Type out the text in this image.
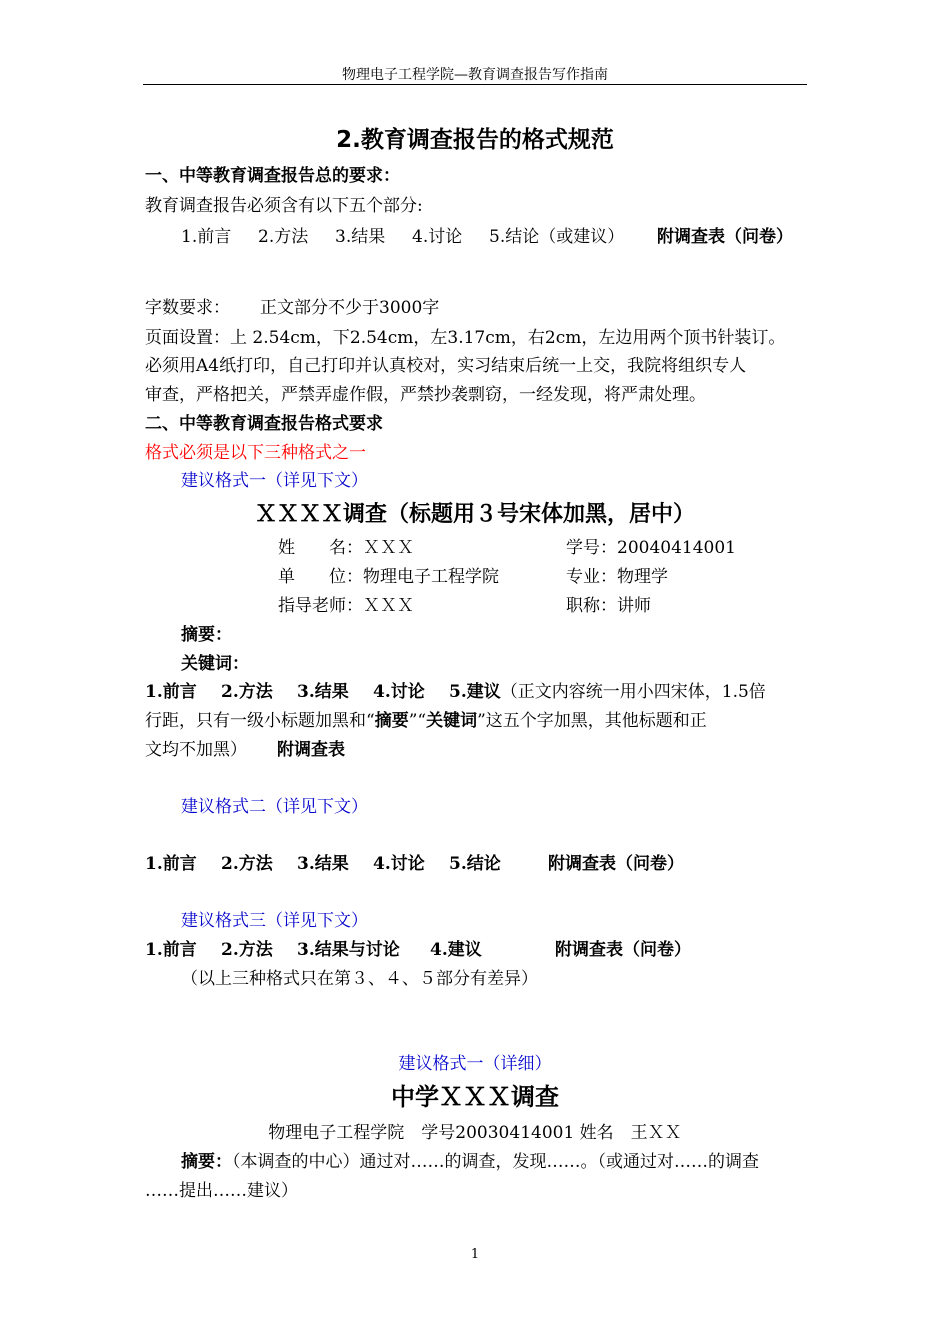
物理电子工程学院—教育调查报告写作指南
2.教育调查报告的格式规范
一、中等教育调查报告总的要求：
教育调查报告必须含有以下五个部分:
1.前言 2.方法 3.结果 4.讨论 5.结论（或建议） 附调查表（问卷）
字数要求： 正文部分不少于3000字
页面设置：上 2.54cm，下2.54cm，左3.17cm，右2cm，左边用两个顶书针装订。
必须用A4纸打印，自己打印并认真校对，实习结束后统一上交，我院将组织专人
审查，严格把关，严禁弄虚作假，严禁抄袭剽窃，一经发现，将严肃处理。
二、中等教育调查报告格式要求
格式必须是以下三种格式之一
建议格式一（详见下文）
ＸＸＸＸ调查（标题用３号宋体加黑，居中）
姓　　名：ＸＸＸ	学号：20040414001
单　　位：物理电子工程学院	专业：物理学
指导老师：ＸＸＸ	职称：讲师
摘要：
关键词：
1.前言 2.方法 3.结果 4.讨论 5.建议（正文内容统一用小四宋体，1.5倍
行距，只有一级小标题加黑和“摘要”“关键词”这五个字加黑，其他标题和正
文均不加黑） 附调查表
建议格式二（详见下文）
1.前言 2.方法 3.结果 4.讨论 5.结论	附调查表（问卷）
建议格式三（详见下文）
1.前言 2.方法 3.结果与讨论 4.建议	附调查表（问卷）
（以上三种格式只在第３、４、５部分有差异）
建议格式一（详细）
中学ＸＸＸ调查
物理电子工程学院　学号20030414001 姓名　王ＸＸ
摘要：（本调查的中心）通过对……的调查，发现……。（或通过对……的调查
……提出……建议）
1
